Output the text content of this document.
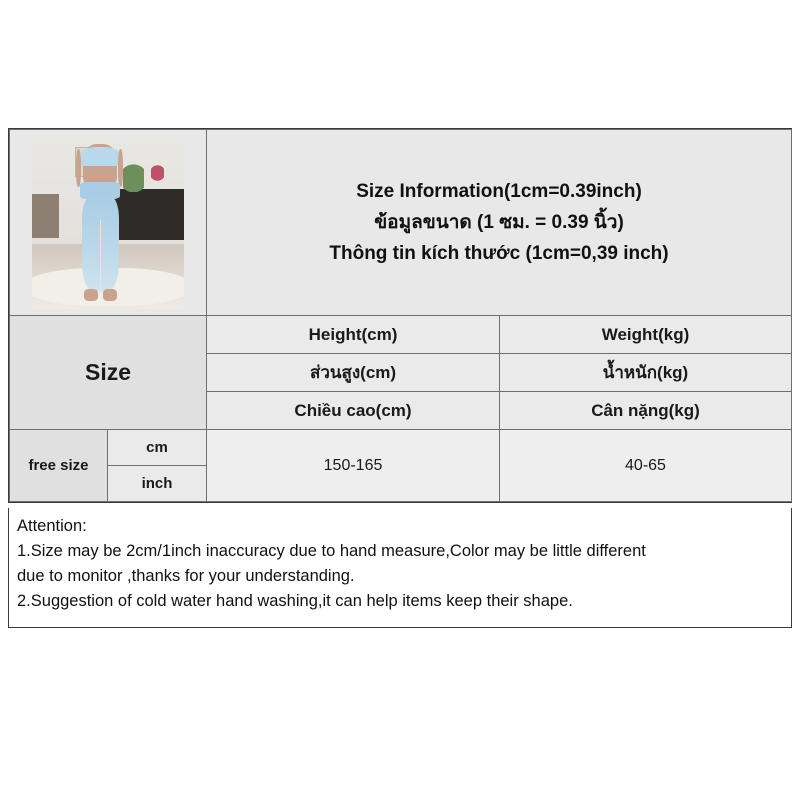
		Size Information(1cm=0.39inch)
ข้อมูลขนาด (1 ซม. = 0.39 นิ้ว)
Thông tin kích thước (1cm=0,39 inch)	

Size		Height(cm)	Weight(kg)
		ส่วนสูง(cm)	น้ำหนัก(kg)
		Chiều cao(cm)	Cân nặng(kg)
free size	cm	150-165	40-65
	inch		
Attention:
1.Size may be 2cm/1inch inaccuracy due to hand measure,Color may be little different
due to monitor ,thanks for your understanding.
2.Suggestion of cold water hand washing,it can help items keep their shape.
